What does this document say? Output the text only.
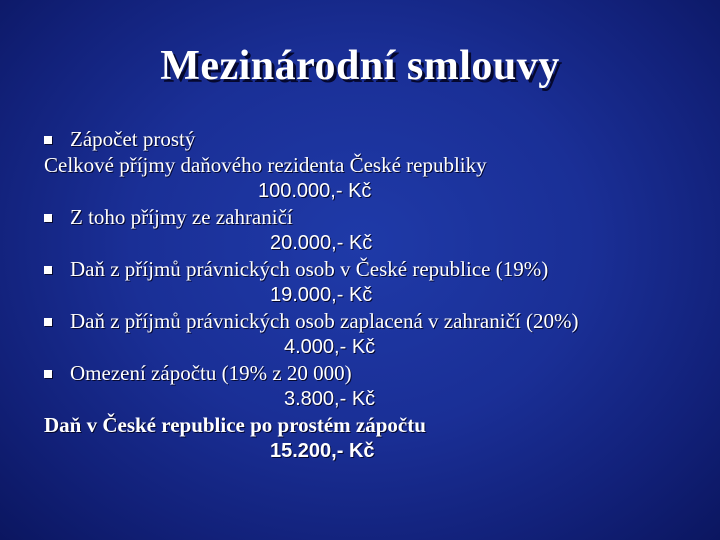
Mezinárodní smlouvy
Zápočet prostý
Celkové příjmy daňového rezidenta České republiky
100.000,- Kč
Z toho příjmy ze zahraničí
20.000,- Kč
Daň z příjmů právnických osob v České republice (19%)
19.000,- Kč
Daň z příjmů právnických osob zaplacená v zahraničí (20%)
4.000,- Kč
Omezení zápočtu (19% z 20 000)
3.800,- Kč
Daň v České republice po prostém zápočtu
15.200,- Kč
